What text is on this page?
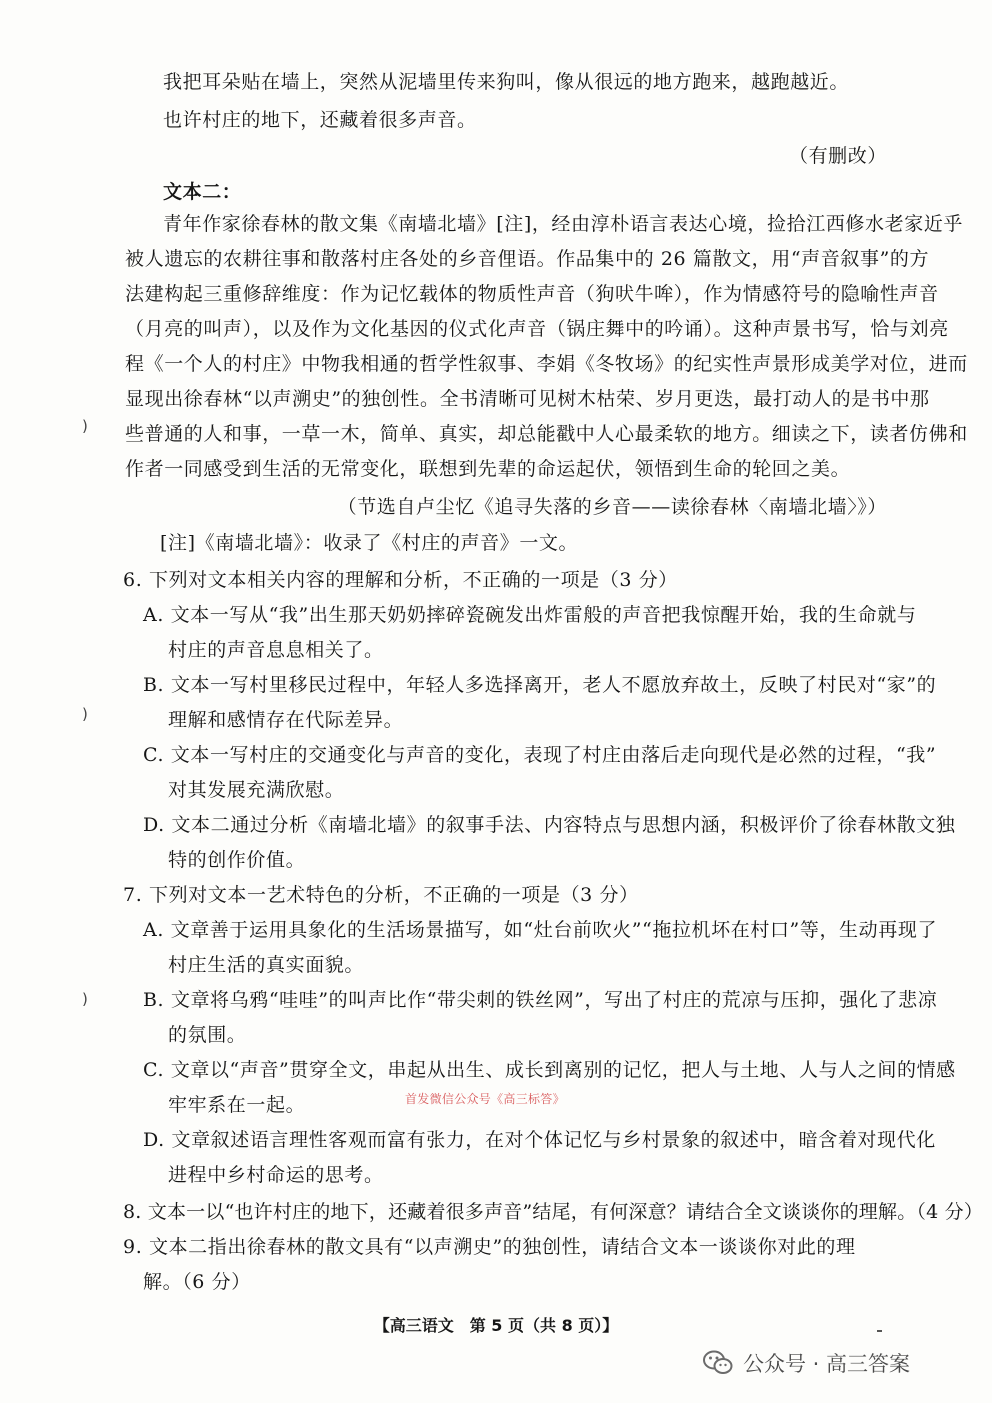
我把耳朵贴在墙上，突然从泥墙里传来狗叫，像从很远的地方跑来，越跑越近。
也许村庄的地下，还藏着很多声音。
（有删改）
文本二：
青年作家徐春林的散文集《南墙北墙》[注]，经由淳朴语言表达心境，捡拾江西修水老家近乎
被人遗忘的农耕往事和散落村庄各处的乡音俚语。作品集中的 26 篇散文，用“声音叙事”的方
法建构起三重修辞维度：作为记忆载体的物质性声音（狗吠牛哞），作为情感符号的隐喻性声音
（月亮的叫声），以及作为文化基因的仪式化声音（锅庄舞中的吟诵）。这种声景书写，恰与刘亮
程《一个人的村庄》中物我相通的哲学性叙事、李娟《冬牧场》的纪实性声景形成美学对位，进而
显现出徐春林“以声溯史”的独创性。全书清晰可见树木枯荣、岁月更迭，最打动人的是书中那
些普通的人和事，一草一木，简单、真实，却总能戳中人心最柔软的地方。细读之下，读者仿佛和
作者一同感受到生活的无常变化，联想到先辈的命运起伏，领悟到生命的轮回之美。
（节选自卢尘忆《追寻失落的乡音——读徐春林〈南墙北墙〉》）
[注]《南墙北墙》：收录了《村庄的声音》一文。
)
)
)
6. 下列对文本相关内容的理解和分析，不正确的一项是（3 分）
A. 文本一写从“我”出生那天奶奶摔碎瓷碗发出炸雷般的声音把我惊醒开始，我的生命就与
村庄的声音息息相关了。
B. 文本一写村里移民过程中，年轻人多选择离开，老人不愿放弃故土，反映了村民对“家”的
理解和感情存在代际差异。
C. 文本一写村庄的交通变化与声音的变化，表现了村庄由落后走向现代是必然的过程，“我”
对其发展充满欣慰。
D. 文本二通过分析《南墙北墙》的叙事手法、内容特点与思想内涵，积极评价了徐春林散文独
特的创作价值。
7. 下列对文本一艺术特色的分析，不正确的一项是（3 分）
A. 文章善于运用具象化的生活场景描写，如“灶台前吹火”“拖拉机坏在村口”等，生动再现了
村庄生活的真实面貌。
B. 文章将乌鸦“哇哇”的叫声比作“带尖刺的铁丝网”，写出了村庄的荒凉与压抑，强化了悲凉
的氛围。
C. 文章以“声音”贯穿全文，串起从出生、成长到离别的记忆，把人与土地、人与人之间的情感
牢牢系在一起。	首发微信公众号《高三标答》
D. 文章叙述语言理性客观而富有张力，在对个体记忆与乡村景象的叙述中，暗含着对现代化
进程中乡村命运的思考。
8. 文本一以“也许村庄的地下，还藏着很多声音”结尾，有何深意？请结合全文谈谈你的理解。（4 分）
9. 文本二指出徐春林的散文具有“以声溯史”的独创性，请结合文本一谈谈你对此的理
解。（6 分）
【高三语文　第 5 页（共 8 页）】
公众号 · 高三答案
